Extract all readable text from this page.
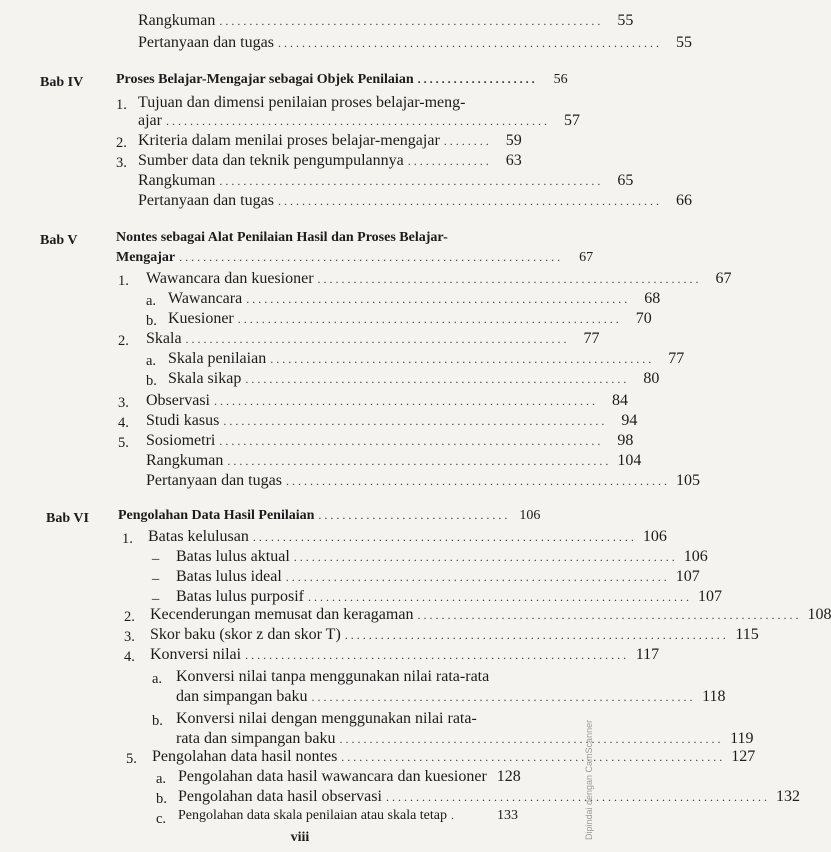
Rangkuman ................................................................ 55
Pertanyaan dan tugas ................................................................ 55
Bab IV Proses Belajar-Mengajar sebagai Objek Penilaian ....................	56
1. Tujuan dan dimensi penilaian proses belajar-meng-
ajar ................................................................ 57
2. Kriteria dalam menilai proses belajar-mengajar ........ 59
3. Sumber data dan teknik pengumpulannya .............. 63
Rangkuman ................................................................ 65
Pertanyaan dan tugas ................................................................ 66
Bab V	Nontes sebagai Alat Penilaian Hasil dan Proses Belajar-
Mengajar ................................................................	67
1. Wawancara dan kuesioner ................................................................ 67
a. Wawancara ................................................................ 68
b. Kuesioner ................................................................ 70
2. Skala ................................................................ 77
a. Skala penilaian ................................................................ 77
b. Skala sikap ................................................................ 80
3. Observasi ................................................................ 84
4. Studi kasus ................................................................ 94
5. Sosiometri ................................................................ 98
Rangkuman ................................................................ 104
Pertanyaan dan tugas ................................................................ 105
Bab VI Pengolahan Data Hasil Penilaian ................................ 106
1. Batas kelulusan ................................................................ 106
– Batas lulus aktual ................................................................ 106
– Batas lulus ideal ................................................................ 107
– Batas lulus purposif ................................................................ 107
2. Kecenderungan memusat dan keragaman ................................................................ 108
3. Skor baku (skor z dan skor T) ................................................................ 115
4. Konversi nilai ................................................................ 117
a. Konversi nilai tanpa menggunakan nilai rata-rata
dan simpangan baku ................................................................ 118
b. Konversi nilai dengan menggunakan nilai rata-
rata dan simpangan baku ................................................................ 119
5. Pengolahan data hasil nontes ................................................................ 127
a. Pengolahan data hasil wawancara dan kuesioner 128
b. Pengolahan data hasil observasi ................................................................ 132
c. Pengolahan data skala penilaian atau skala tetap .	133
viii	Dipindai dengan CamScanner
